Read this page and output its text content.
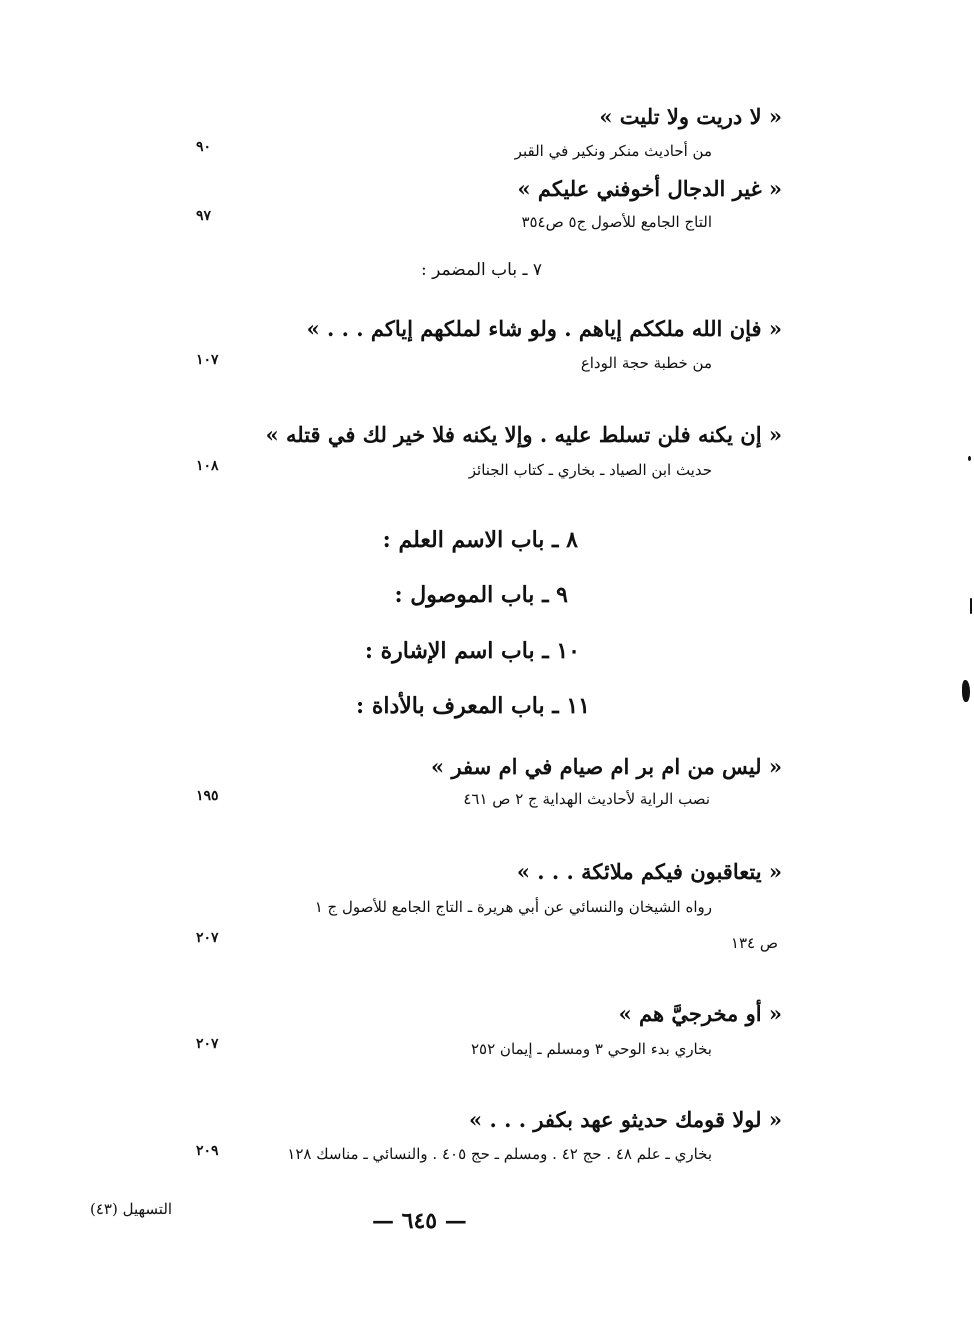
« لا دريت ولا تليت »
من أحاديث منكر ونكير في القبر
٩٠
« غير الدجال أخوفني عليكم »
التاج الجامع للأصول ج٥ ص٣٥٤
٩٧
٧ ـ باب المضمر :
« فإن الله ملككم إياهم . ولو شاء لملكهم إياكم . . . »
من خطبة حجة الوداع
١٠٧
« إن يكنه فلن تسلط عليه . وإلا يكنه فلا خير لك في قتله »
حديث ابن الصياد ـ بخاري ـ كتاب الجنائز
١٠٨
٨ ـ باب الاسم العلم :
٩ ـ باب الموصول :
١٠ ـ باب اسم الإشارة :
١١ ـ باب المعرف بالأداة :
« ليس من ام بر ام صيام في ام سفر »
نصب الراية لأحاديث الهداية ج ٢ ص ٤٦١
١٩٥
« يتعاقبون فيكم ملائكة . . . »
رواه الشيخان والنسائي عن أبي هريرة ـ التاج الجامع للأصول ج ١
ص ١٣٤
٢٠٧
« أو مخرجيَّ هم »
بخاري بدء الوحي ٣ ومسلم ـ إيمان ٢٥٢
٢٠٧
« لولا قومك حديثو عهد بكفر . . . »
بخاري ـ علم ٤٨ . حج ٤٢ . ومسلم ـ حج ٤٠٥ . والنسائي ـ مناسك ١٢٨
٢٠٩
التسهيل (٤٣)	— ٦٤٥ —
